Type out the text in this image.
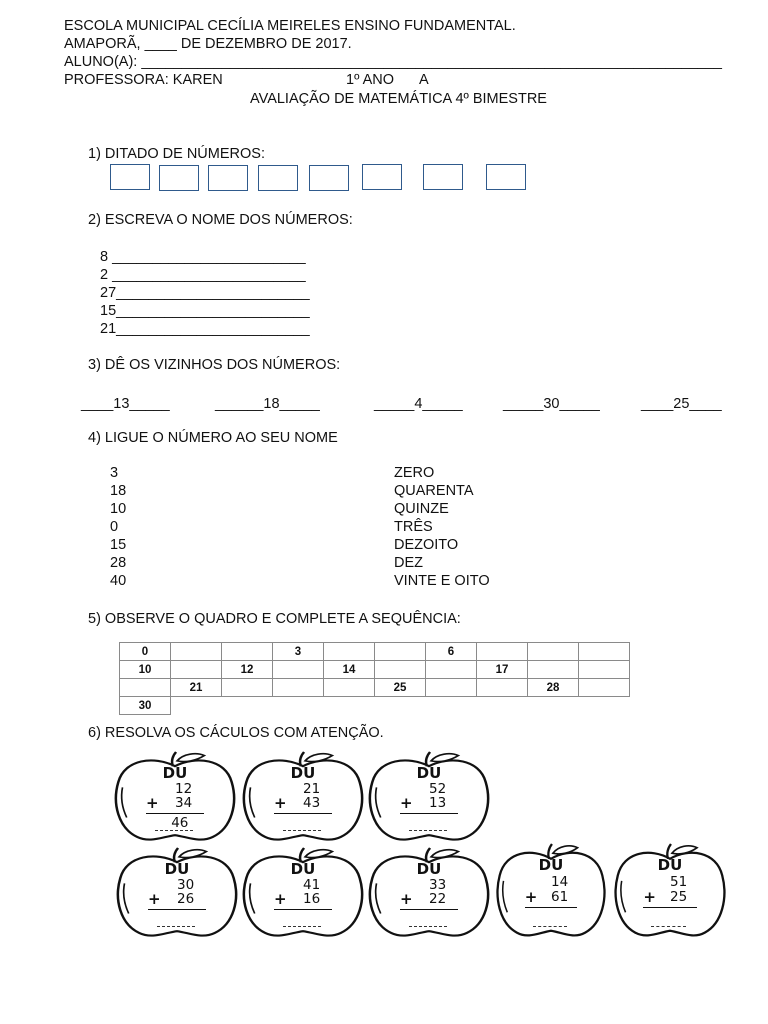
ESCOLA MUNICIPAL CECÍLIA MEIRELES ENSINO FUNDAMENTAL.
AMAPORÃ, ____ DE DEZEMBRO DE 2017.
ALUNO(A): ________________________________________________________________________
PROFESSORA: KAREN	1º ANO A
AVALIAÇÃO DE MATEMÁTICA 4º BIMESTRE
1) DITADO DE NÚMEROS:
2) ESCREVA O NOME DOS NÚMEROS:
8 ________________________
2 ________________________
27________________________
15________________________
21________________________
3) DÊ OS VIZINHOS DOS NÚMEROS:
____13_____	______18_____	_____4_____	_____30_____	____25____
4) LIGUE O NÚMERO AO SEU NOME
3
18
10
0
15
28
40
ZERO
QUARENTA
QUINZE
TRÊS
DEZOITO
DEZ
VINTE E OITO
5) OBSERVE O QUADRO E COMPLETE A SEQUÊNCIA:
0			3			6			
10		12		14			17		
	21				25			28	
30									
6) RESOLVA OS CÁCULOS COM ATENÇÃO.
DU
12
+ 34
46
DU
21
+ 43
DU
52
+ 13
DU
30
+ 26
DU
41
+ 16
DU
33
+ 22
DU
14
+ 61
DU
51
+ 25
